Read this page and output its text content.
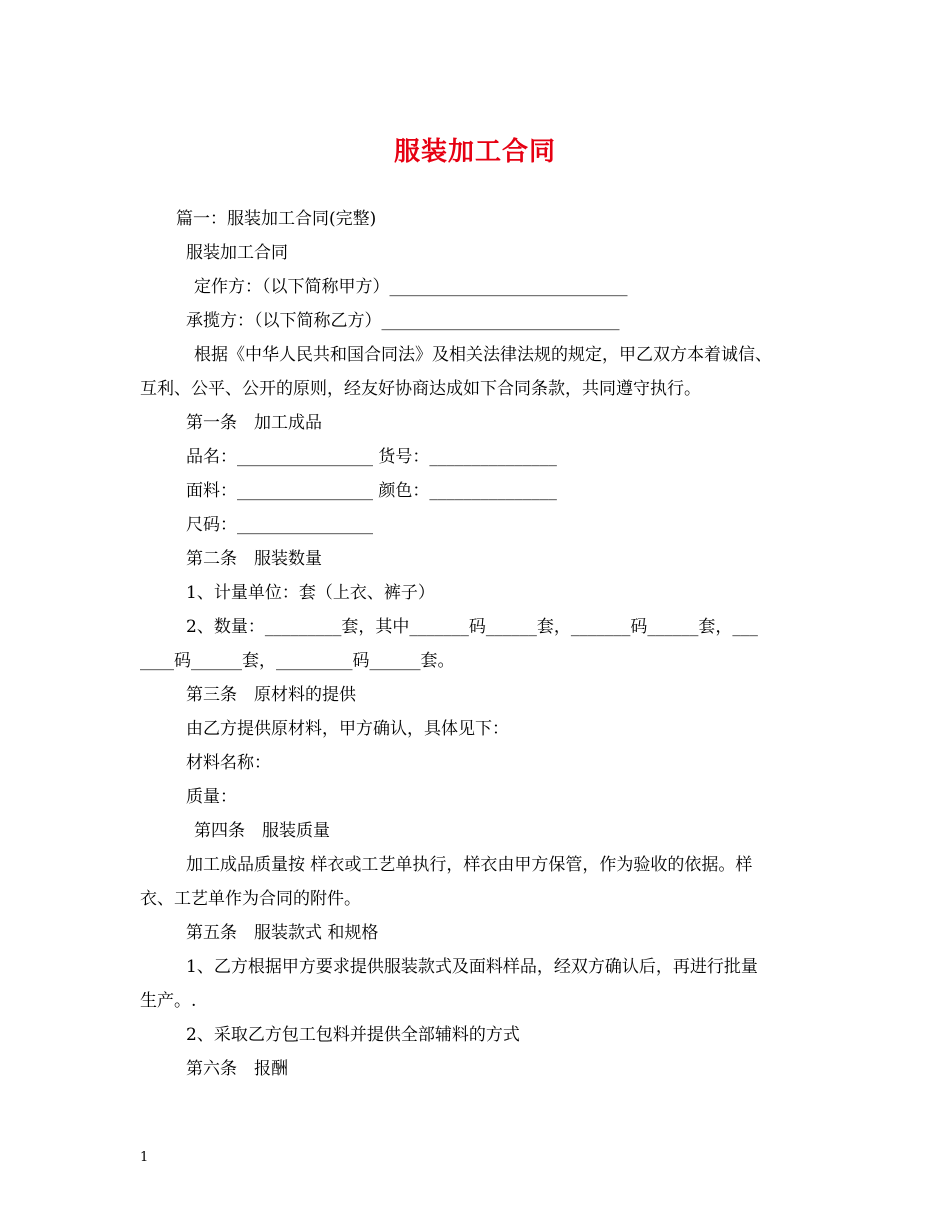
服装加工合同
篇一：服装加工合同(完整)
服装加工合同
定作方：（以下简称甲方）____________________________
承揽方：（以下简称乙方）____________________________
根据《中华人民共和国合同法》及相关法律法规的规定，甲乙双方本着诚信、
互利、公平、公开的原则，经友好协商达成如下合同条款，共同遵守执行。
第一条　加工成品
品名：________________ 货号：_______________
面料：________________ 颜色：_______________
尺码：________________
第二条　服装数量
1、计量单位：套（上衣、裤子）
2、数量：_________套，其中_______码______套，_______码______套，___
____码______套，_________码______套。
第三条　原材料的提供
由乙方提供原材料，甲方确认，具体见下：
材料名称：
质量：
第四条　服装质量
加工成品质量按 样衣或工艺单执行，样衣由甲方保管，作为验收的依据。样
衣、工艺单作为合同的附件。
第五条　服装款式 和规格
1、乙方根据甲方要求提供服装款式及面料样品，经双方确认后，再进行批量
生产。.
2、采取乙方包工包料并提供全部辅料的方式
第六条　报酬
1
